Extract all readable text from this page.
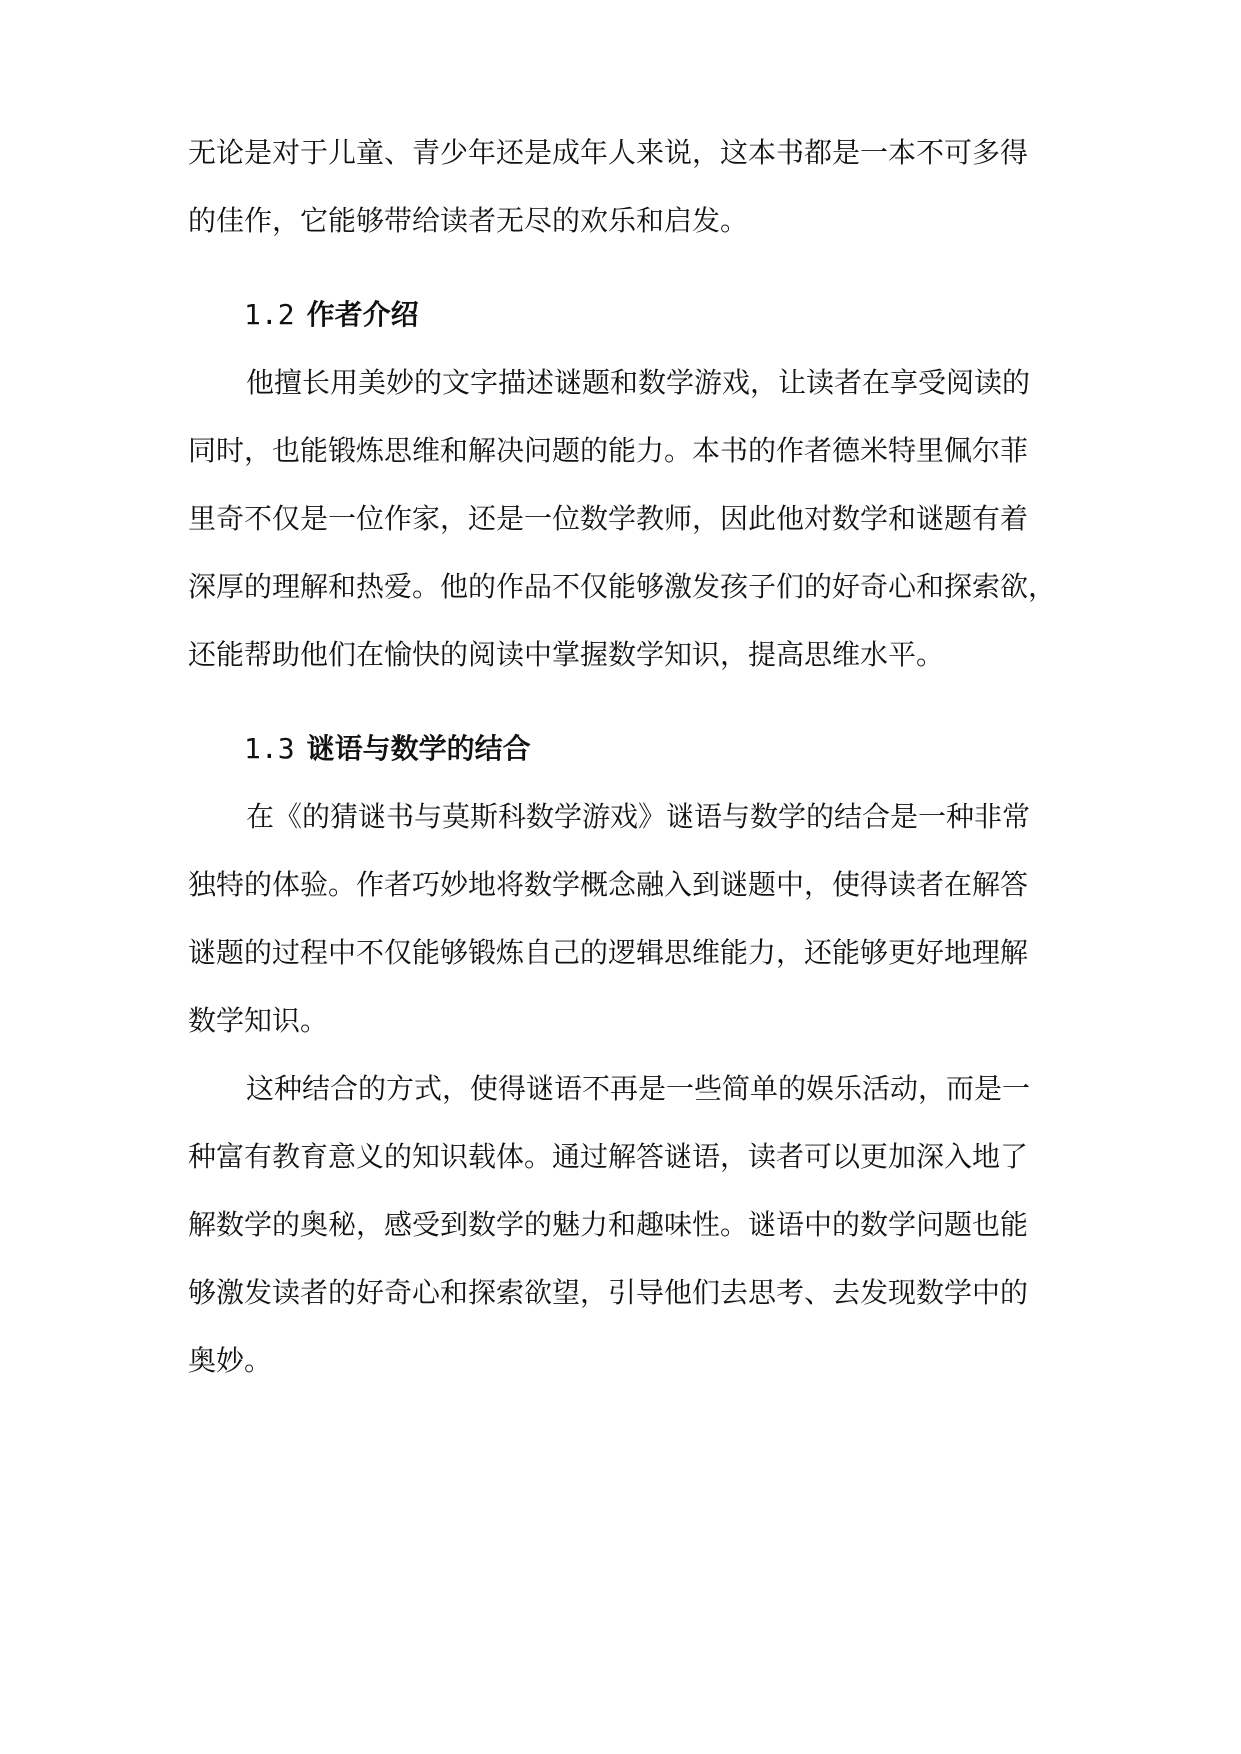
无论是对于儿童、青少年还是成年人来说，这本书都是一本不可多得
的佳作，它能够带给读者无尽的欢乐和启发。
1.2 作者介绍
他擅长用美妙的文字描述谜题和数学游戏，让读者在享受阅读的
同时，也能锻炼思维和解决问题的能力。本书的作者德米特里佩尔菲
里奇不仅是一位作家，还是一位数学教师，因此他对数学和谜题有着
深厚的理解和热爱。他的作品不仅能够激发孩子们的好奇心和探索欲，
还能帮助他们在愉快的阅读中掌握数学知识，提高思维水平。
1.3 谜语与数学的结合
在《的猜谜书与莫斯科数学游戏》谜语与数学的结合是一种非常
独特的体验。作者巧妙地将数学概念融入到谜题中，使得读者在解答
谜题的过程中不仅能够锻炼自己的逻辑思维能力，还能够更好地理解
数学知识。
这种结合的方式，使得谜语不再是一些简单的娱乐活动，而是一
种富有教育意义的知识载体。通过解答谜语，读者可以更加深入地了
解数学的奥秘，感受到数学的魅力和趣味性。谜语中的数学问题也能
够激发读者的好奇心和探索欲望，引导他们去思考、去发现数学中的
奥妙。
